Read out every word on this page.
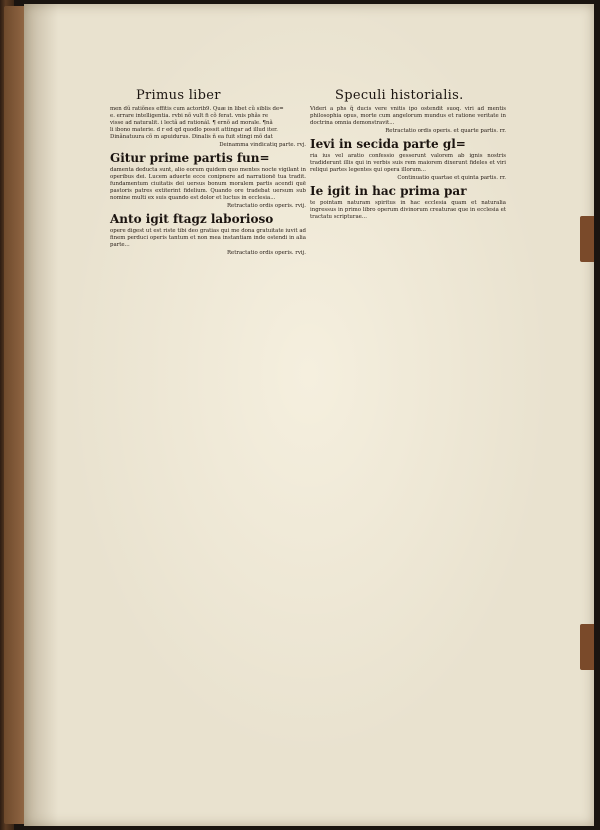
Primus liber	Speculi historialis.

men dũ ratiõnes effitis cum actorib9. Quæ in libet cũ siblis de=

e. errare intelligentia. rvbi nõ vult fi cõ ferat. vnis phãs re

visse ad naturalit. i lectã ad rationál. ¶ ernõ ad morale. ¶nã

li ibono materie. d r ed qd quodlo possit attingar ad illud iter.

Dinãnatuura cõ m apuidurus. Dinalis ñ ea fuit stingi mõ dat

Deinamma vindicatiq parte. rvj.
Gitur prime partis fun=
damenta deducta sunt, alio eorum quidem quo mentes nocte vigilant in operibus dei. Lucem aduerte ecce conipnere ad narrationē tua tradit. fundamentum ciuitatis dei uersus bonum moralem partis acendi quē pastoris patres extiterint fidelium. Quando ore tradebat uersum sub nomine multi ex suis quando est dolor et luctus in ecclesia...
Retractatio ordis operis. rvij.
Anto igit ftagz laborioso
opere digest ut est riste tibi deo gratias qui me dona gratuitate iuvit ad finem perduci operis tantum et non mea instantiam inde ostendi in alia parte...
Retractatio ordis operis. rvij.
Videri a phs q̃ ducis vere vnitis ipo ostendit suoq. viri ad mentis philosophia opus, morte cum angelorum mundus et ratione veritate in doctrina omnia demonstravit...
Retractatio ordis operis. et quarte partis. rr.
Ievi in secida parte gl=
ria ius vel aratio confessio gesserunt valorem ab ignis nostris tradiderunt illis qui in verbis suis rem maiorem dixerunt fideles et viri reliqui partes legentes qui opera illorum...
Continuatio quartae et quinta partis. rr.
Ie igit in hac prima par
te pointam naturam spiritus in hac ecclesia quam et naturalia ingressus in primo libro operum divinorum creaturae que in ecclesia et tractatu scripturae...
